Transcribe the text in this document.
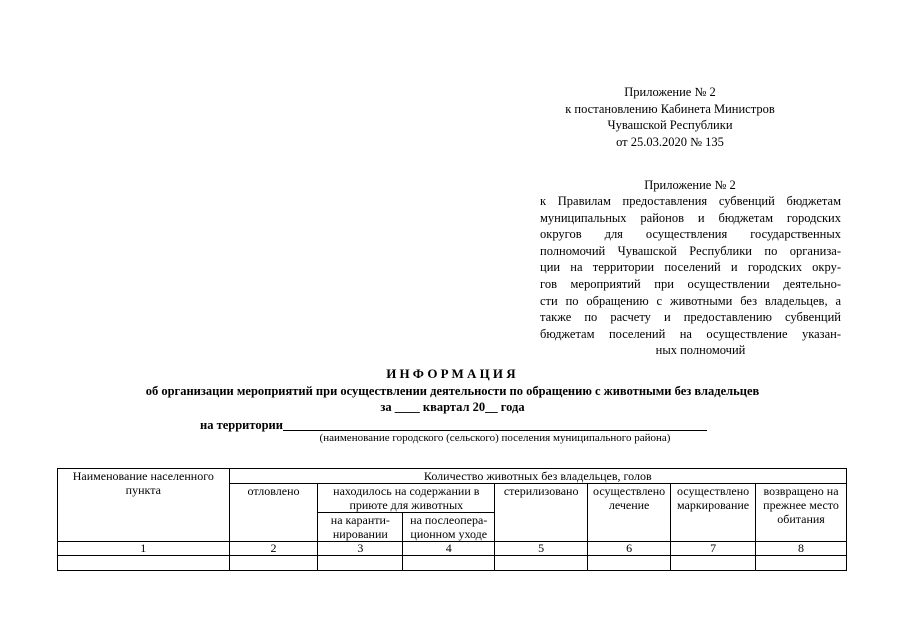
Приложение № 2
к постановлению Кабинета Министров
Чувашской Республики
от 25.03.2020 № 135
Приложение № 2
к Правилам предоставления субвенций бюджетам
муниципальных районов и бюджетам городских
округов для осуществления государственных
полномочий Чувашской Республики по организа-
ции на территории поселений и городских окру-
гов мероприятий при осуществлении деятельно-
сти по обращению с животными без владельцев, а
также по расчету и предоставлению субвенций
бюджетам поселений на осуществление указан-
ных полномочий
ИНФОРМАЦИЯ
об организации мероприятий при осуществлении деятельности по обращению с животными без владельцев
за ____ квартал 20__ года
на территории
(наименование городского (сельского) поселения муниципального района)
Наименование населенного пункта	Количество животных без владельцев, голов						
	отловлено	находилось на содержании в приюте для животных		стерилизовано	осуществлено лечение	осуществлено маркирование	возвращено на прежнее место обитания
		на каранти-нировании	на послеопера-ционном уходе				
1	2	3	4	5	6	7	8
